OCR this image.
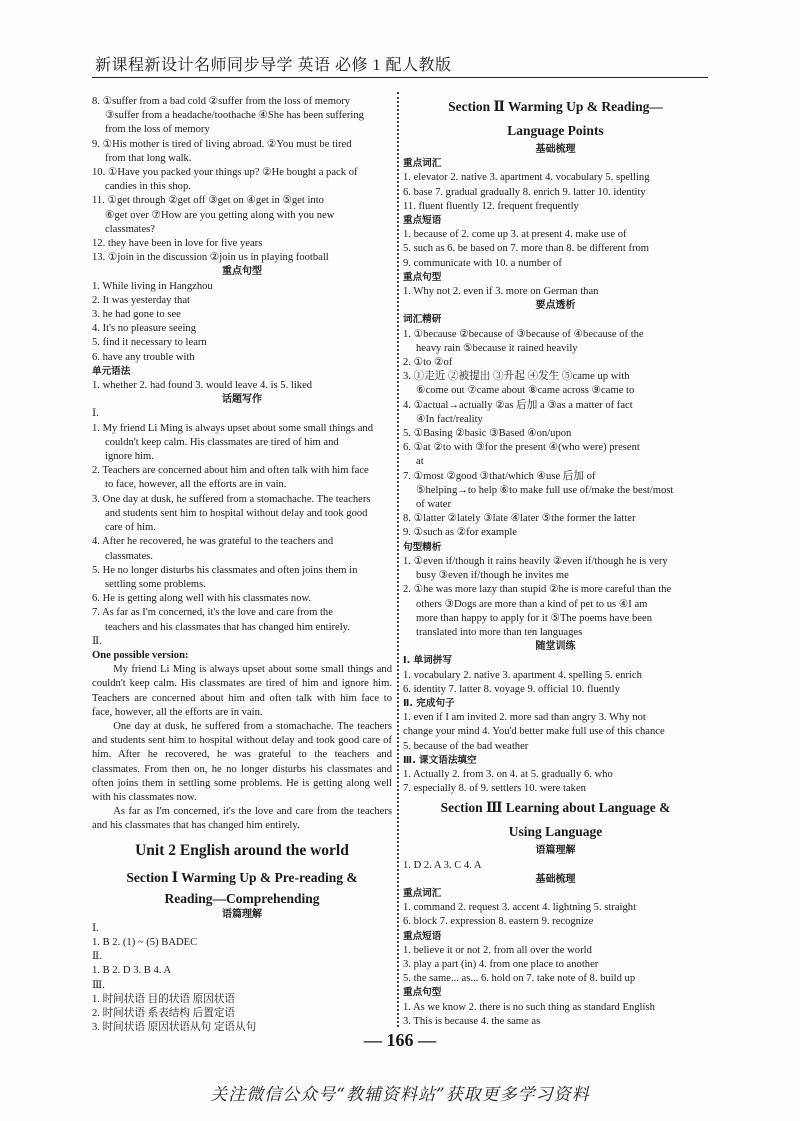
新课程新设计名师同步导学 英语 必修 1 配人教版
8. ①suffer from a bad cold ②suffer from the loss of memory
③suffer from a headache/toothache ④She has been suffering
from the loss of memory
9. ①His mother is tired of living abroad. ②You must be tired
from that long walk.
10. ①Have you packed your things up? ②He bought a pack of
candies in this shop.
11. ①get through ②get off ③get on ④get in ⑤get into
⑥get over ⑦How are you getting along with you new
classmates?
12. they have been in love for five years
13. ①join in the discussion ②join us in playing football
重点句型
1. While living in Hangzhou
2. It was yesterday that
3. he had gone to see
4. It's no pleasure seeing
5. find it necessary to learn
6. have any trouble with
单元语法
1. whether 2. had found 3. would leave 4. is 5. liked
话题写作
Ⅰ.
1. My friend Li Ming is always upset about some small things and
couldn't keep calm. His classmates are tired of him and
ignore him.
2. Teachers are concerned about him and often talk with him face
to face, however, all the efforts are in vain.
3. One day at dusk, he suffered from a stomachache. The teachers
and students sent him to hospital without delay and took good
care of him.
4. After he recovered, he was grateful to the teachers and
classmates.
5. He no longer disturbs his classmates and often joins them in
settling some problems.
6. He is getting along well with his classmates now.
7. As far as I'm concerned, it's the love and care from the
teachers and his classmates that has changed him entirely.
Ⅱ.
One possible version:
My friend Li Ming is always upset about some small things and couldn't keep calm. His classmates are tired of him and ignore him. Teachers are concerned about him and often talk with him face to face, however, all the efforts are in vain.
One day at dusk, he suffered from a stomachache. The teachers and students sent him to hospital without delay and took good care of him. After he recovered, he was grateful to the teachers and classmates. From then on, he no longer disturbs his classmates and often joins them in settling some problems. He is getting along well with his classmates now.
As far as I'm concerned, it's the love and care from the teachers and his classmates that has changed him entirely.
Unit 2 English around the world
Section Ⅰ Warming Up & Pre-reading &
Reading—Comprehending
语篇理解
Ⅰ.
1. B 2. (1) ~ (5) BADEC
Ⅱ.
1. B 2. D 3. B 4. A
Ⅲ.
1. 时间状语 目的状语 原因状语
2. 时间状语 系表结构 后置定语
3. 时间状语 原因状语从句 定语从句
Section Ⅱ Warming Up & Reading—
Language Points
基础梳理
重点词汇
1. elevator 2. native 3. apartment 4. vocabulary 5. spelling
6. base 7. gradual gradually 8. enrich 9. latter 10. identity
11. fluent fluently 12. frequent frequently
重点短语
1. because of 2. come up 3. at present 4. make use of
5. such as 6. be based on 7. more than 8. be different from
9. communicate with 10. a number of
重点句型
1. Why not 2. even if 3. more on German than
要点透析
词汇精研
1. ①because ②because of ③because of ④because of the
heavy rain ⑤because it rained heavily
2. ①to ②of
3. ①走近 ②被提出 ③升起 ④发生 ⑤came up with
⑥come out ⑦came about ⑧came across ⑨came to
4. ①actual→actually ②as 后加 a ③as a matter of fact
④In fact/reality
5. ①Basing ②basic ③Based ④on/upon
6. ①at ②to with ③for the present ④(who were) present
at
7. ①most ②good ③that/which ④use 后加 of
⑤helping→to help ⑥to make full use of/make the best/most
of water
8. ①latter ②lately ③late ④later ⑤the former the latter
9. ①such as ②for example
句型精析
1. ①even if/though it rains heavily ②even if/though he is very
busy ③even if/though he invites me
2. ①he was more lazy than stupid ②he is more careful than the
others ③Dogs are more than a kind of pet to us ④I am
more than happy to apply for it ⑤The poems have been
translated into more than ten languages
随堂训练
Ⅰ. 单词拼写
1. vocabulary 2. native 3. apartment 4. spelling 5. enrich
6. identity 7. latter 8. voyage 9. official 10. fluently
Ⅱ. 完成句子
1. even if I am invited 2. more sad than angry 3. Why not
change your mind 4. You'd better make full use of this chance
5. because of the bad weather
Ⅲ. 课文语法填空
1. Actually 2. from 3. on 4. at 5. gradually 6. who
7. especially 8. of 9. settlers 10. were taken
Section Ⅲ Learning about Language &
Using Language
语篇理解
1. D 2. A 3. C 4. A
基础梳理
重点词汇
1. command 2. request 3. accent 4. lightning 5. straight
6. block 7. expression 8. eastern 9. recognize
重点短语
1. believe it or not 2. from all over the world
3. play a part (in) 4. from one place to another
5. the same... as... 6. hold on 7. take note of 8. build up
重点句型
1. As we know 2. there is no such thing as standard English
3. This is because 4. the same as
— 166 —
关注微信公众号“教辅资料站”获取更多学习资料
